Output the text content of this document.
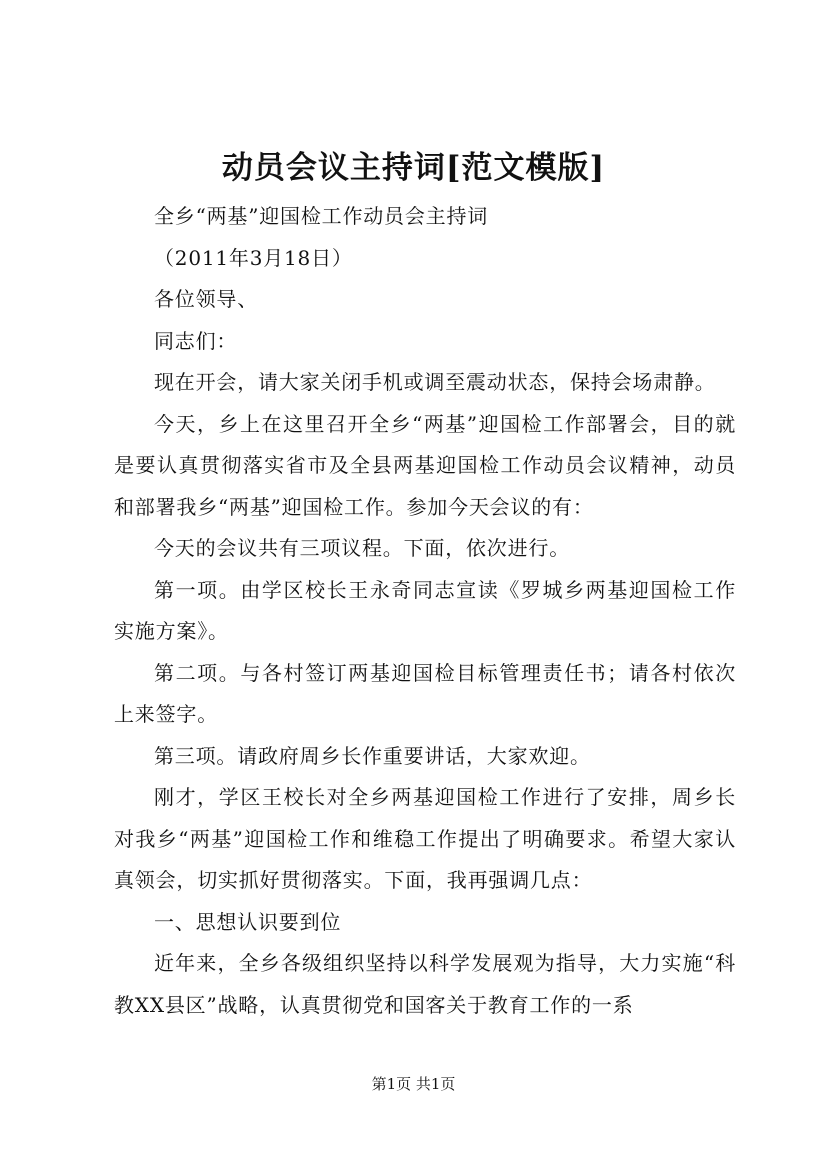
动员会议主持词[范文模版]

全乡“两基”迎国检工作动员会主持词

（2011年3月18日）

各位领导、

同志们：

现在开会，请大家关闭手机或调至震动状态，保持会场肃静。

今天，乡上在这里召开全乡“两基”迎国检工作部署会，目的就是要认真贯彻落实省市及全县两基迎国检工作动员会议精神，动员和部署我乡“两基”迎国检工作。参加今天会议的有：

今天的会议共有三项议程。下面，依次进行。

第一项。由学区校长王永奇同志宣读《罗城乡两基迎国检工作实施方案》。

第二项。与各村签订两基迎国检目标管理责任书；请各村依次上来签字。

第三项。请政府周乡长作重要讲话，大家欢迎。

刚才，学区王校长对全乡两基迎国检工作进行了安排，周乡长对我乡“两基”迎国检工作和维稳工作提出了明确要求。希望大家认真领会，切实抓好贯彻落实。下面，我再强调几点：

一、思想认识要到位

近年来，全乡各级组织坚持以科学发展观为指导，大力实施“科教XX县区”战略，认真贯彻党和国客关于教育工作的一系

第1页 共1页
